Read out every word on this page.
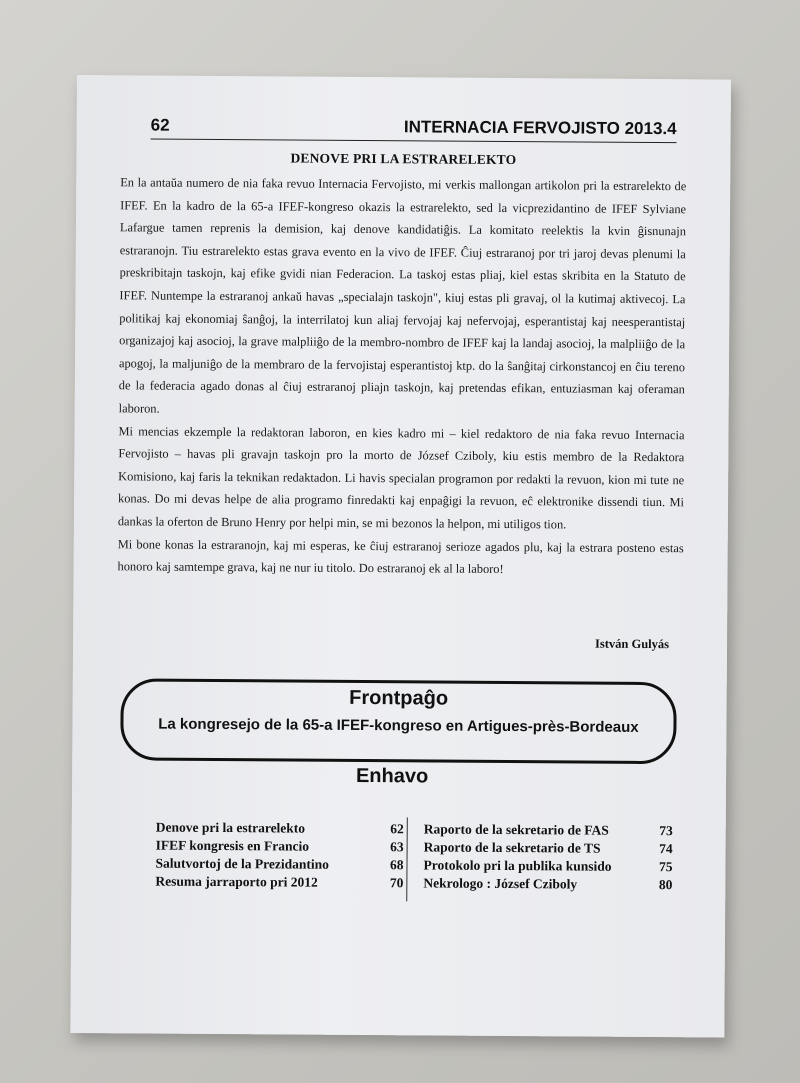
62	INTERNACIA FERVOJISTO 2013.4
DENOVE PRI LA ESTRARELEKTO

En la antaŭa numero de nia faka revuo Internacia Fervojisto, mi verkis mallongan artikolon pri la estrarelekto de IFEF. En la kadro de la 65-a IFEF-kongreso okazis la estrarelekto, sed la vicprezidantino de IFEF Sylviane Lafargue tamen reprenis la demision, kaj denove kandidatiĝis. La komitato reelektis la kvin ĝisnunajn estraranojn. Tiu estrarelekto estas grava evento en la vivo de IFEF. Ĉiuj estraranoj por tri jaroj devas plenumi la preskribitajn taskojn, kaj efike gvidi nian Federacion. La taskoj estas pliaj, kiel estas skribita en la Statuto de IFEF. Nuntempe la estraranoj ankaŭ havas „specialajn taskojn", kiuj estas pli gravaj, ol la kutimaj aktivecoj. La politikaj kaj ekonomiaj ŝanĝoj, la interrilatoj kun aliaj fervojaj kaj nefervojaj, esperantistaj kaj neesperantistaj organizajoj kaj asocioj, la grave malpliiĝo de la membro-nombro de IFEF kaj la landaj asocioj, la malpliiĝo de la apogoj, la maljuniĝo de la membraro de la fervojistaj esperantistoj ktp. do la ŝanĝitaj cirkonstancoj en ĉiu tereno de la federacia agado donas al ĉiuj estraranoj pliajn taskojn, kaj pretendas efikan, entuziasman kaj oferaman laboron.

Mi mencias ekzemple la redaktoran laboron, en kies kadro mi – kiel redaktoro de nia faka revuo Internacia Fervojisto – havas pli gravajn taskojn pro la morto de József Cziboly, kiu estis membro de la Redaktora Komisiono, kaj faris la teknikan redaktadon. Li havis specialan programon por redakti la revuon, kion mi tute ne konas. Do mi devas helpe de alia programo finredakti kaj enpaĝigi la revuon, eĉ elektronike dissendi tiun. Mi dankas la oferton de Bruno Henry por helpi min, se mi bezonos la helpon, mi utiligos tion.

Mi bone konas la estraranojn, kaj mi esperas, ke ĉiuj estraranoj serioze agados plu, kaj la estrara posteno estas honoro kaj samtempe grava, kaj ne nur iu titolo. Do estraranoj ek al la laboro!

István Gulyás
Frontpaĝo
La kongresejo de la 65-a IFEF-kongreso en Artigues-près-Bordeaux
Enhavo
Denove pri la estrarelekto	62
IFEF kongresis en Francio	63
Salutvortoj de la Prezidantino	68
Resuma jarraporto pri 2012	70
Raporto de la sekretario de FAS	73
Raporto de la sekretario de TS	74
Protokolo pri la publika kunsido	75
Nekrologo : József Cziboly	80
